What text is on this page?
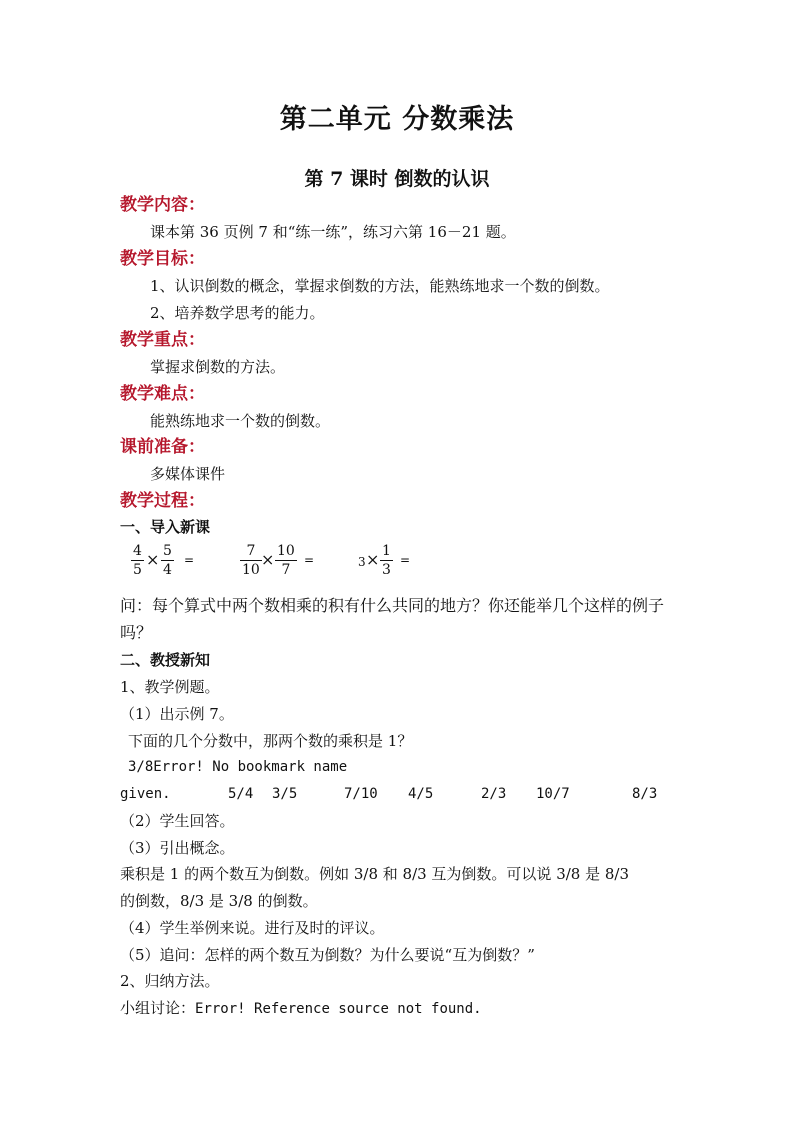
第二单元 分数乘法
第 7 课时 倒数的认识
教学内容：
课本第 36 页例 7 和“练一练”，练习六第 16－21 题。
教学目标：
1、认识倒数的概念，掌握求倒数的方法，能熟练地求一个数的倒数。
2、培养数学思考的能力。
教学重点：
掌握求倒数的方法。
教学难点：
能熟练地求一个数的倒数。
课前准备：
多媒体课件
教学过程：
一、导入新课
$\frac{4}{5} \times \frac{5}{4}$ =	$\frac{7}{10} \times \frac{10}{7}$ =	$3 \times \frac{1}{3}$ =
问：每个算式中两个数相乘的积有什么共同的地方？你还能举几个这样的例子
吗？
二、教授新知
1、教学例题。
（1）出示例 7。
下面的几个分数中，那两个数的乘积是 1？
3/8Error! No bookmark name
given.	5/4 3/5	7/10 4/5	2/3 10/7	8/3
（2）学生回答。
（3）引出概念。
乘积是 1 的两个数互为倒数。例如 3/8 和 8/3 互为倒数。可以说 3/8 是 8/3
的倒数，8/3 是 3/8 的倒数。
（4）学生举例来说。进行及时的评议。
（5）追问：怎样的两个数互为倒数？为什么要说“互为倒数？”
2、归纳方法。
小组讨论：Error! Reference source not found.
